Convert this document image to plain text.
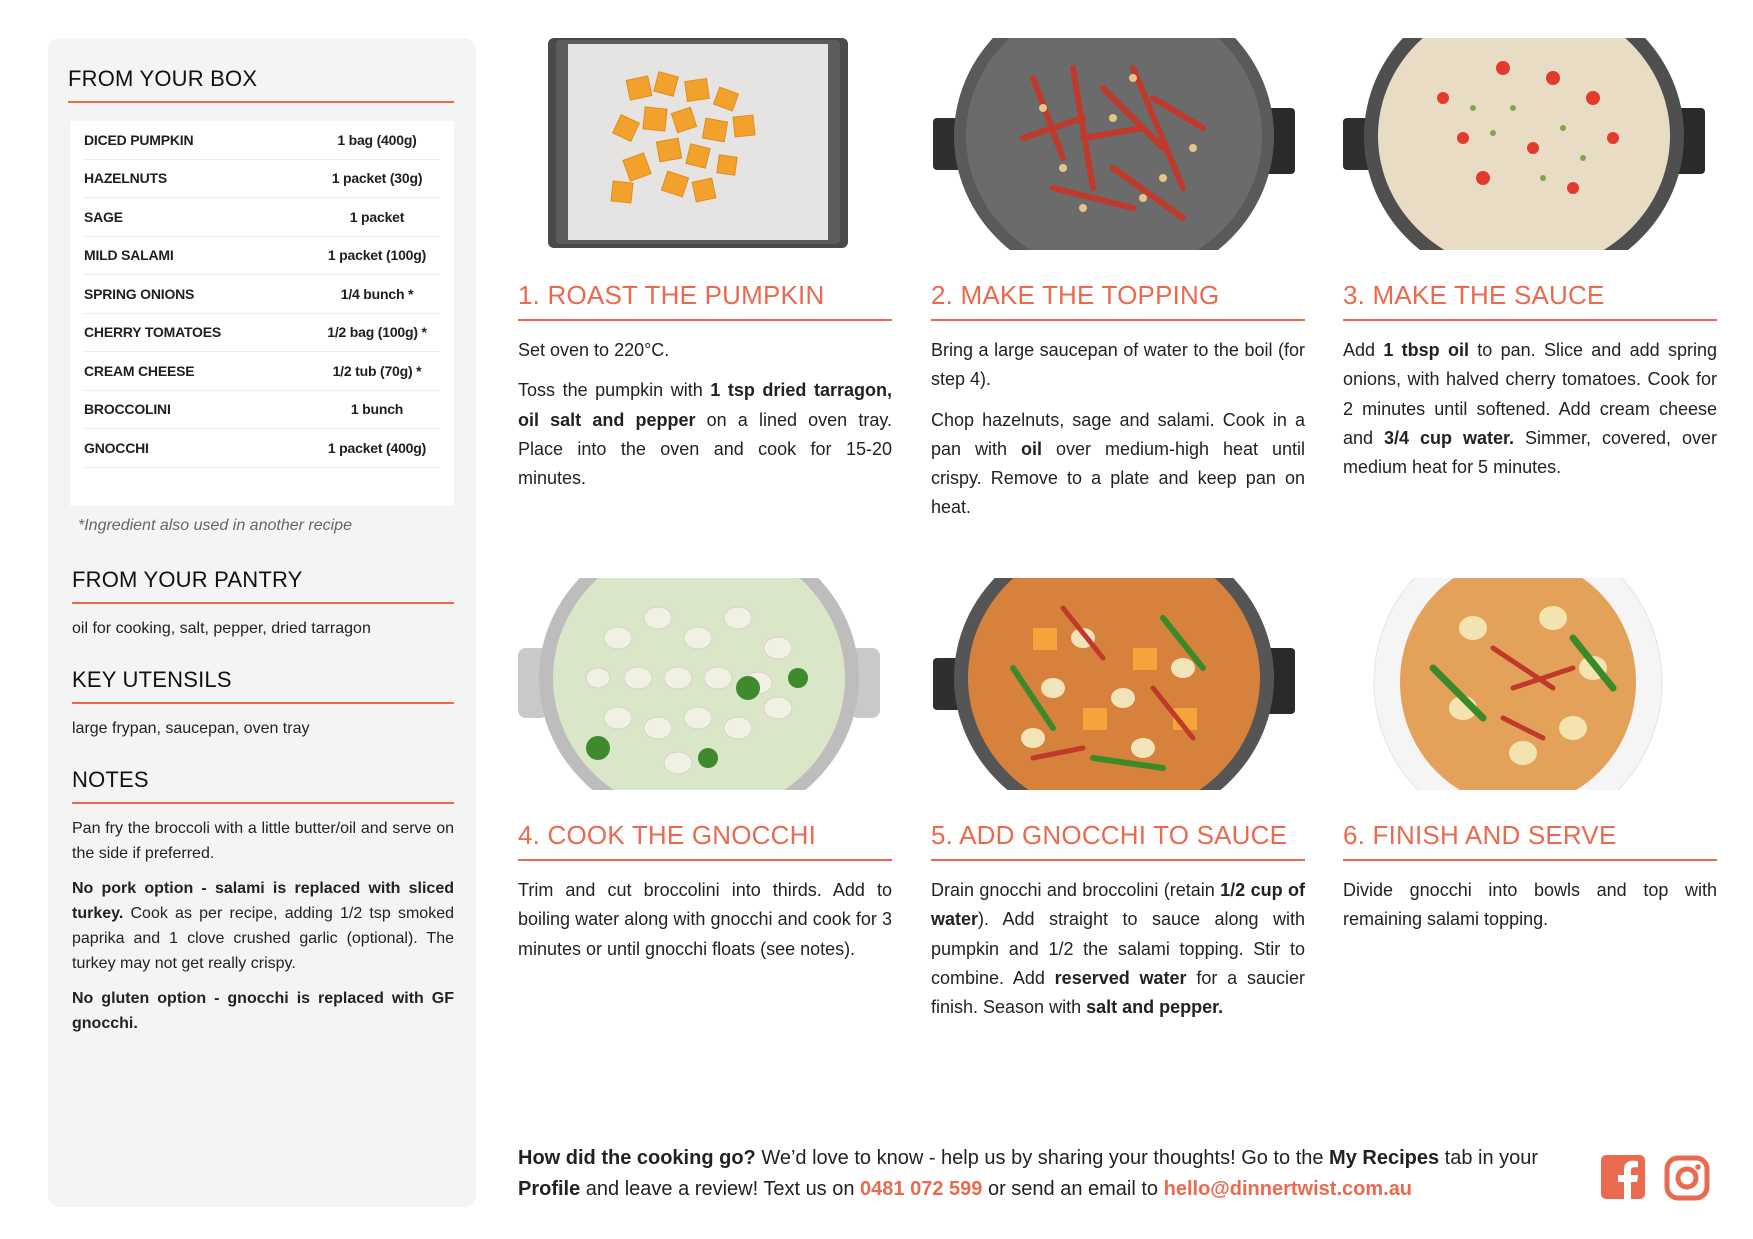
FROM YOUR BOX
DICED PUMPKIN	1 bag (400g)
HAZELNUTS	1 packet (30g)
SAGE	1 packet
MILD SALAMI	1 packet (100g)
SPRING ONIONS	1/4 bunch *
CHERRY TOMATOES	1/2 bag (100g) *
CREAM CHEESE	1/2 tub (70g) *
BROCCOLINI	1 bunch
GNOCCHI	1 packet (400g)
*Ingredient also used in another recipe
FROM YOUR PANTRY
oil for cooking, salt, pepper, dried tarragon
KEY UTENSILS
large frypan, saucepan, oven tray
NOTES

Pan fry the broccoli with a little butter/oil and serve on the side if preferred.

No pork option - salami is replaced with sliced turkey. Cook as per recipe, adding 1/2 tsp smoked paprika and 1 clove crushed garlic (optional). The turkey may not get really crispy.

No gluten option - gnocchi is replaced with GF gnocchi.

1. ROAST THE PUMPKIN

Set oven to 220°C.

Toss the pumpkin with 1 tsp dried tarragon, oil salt and pepper on a lined oven tray. Place into the oven and cook for 15-20 minutes.

2. MAKE THE TOPPING

Bring a large saucepan of water to the boil (for step 4).

Chop hazelnuts, sage and salami. Cook in a pan with oil over medium-high heat until crispy. Remove to a plate and keep pan on heat.

3. MAKE THE SAUCE

Add 1 tbsp oil to pan. Slice and add spring onions, with halved cherry tomatoes. Cook for 2 minutes until softened. Add cream cheese and 3/4 cup water. Simmer, covered, over medium heat for 5 minutes.

4. COOK THE GNOCCHI

Trim and cut broccolini into thirds. Add to boiling water along with gnocchi and cook for 3 minutes or until gnocchi floats (see notes).

5. ADD GNOCCHI TO SAUCE

Drain gnocchi and broccolini (retain 1/2 cup of water). Add straight to sauce along with pumpkin and 1/2 the salami topping. Stir to combine. Add reserved water for a saucier finish. Season with salt and pepper.

6. FINISH AND SERVE

Divide gnocchi into bowls and top with remaining salami topping.

How did the cooking go? We’d love to know - help us by sharing your thoughts! Go to the My Recipes tab in your Profile and leave a review! Text us on 0481 072 599 or send an email to hello@dinnertwist.com.au
